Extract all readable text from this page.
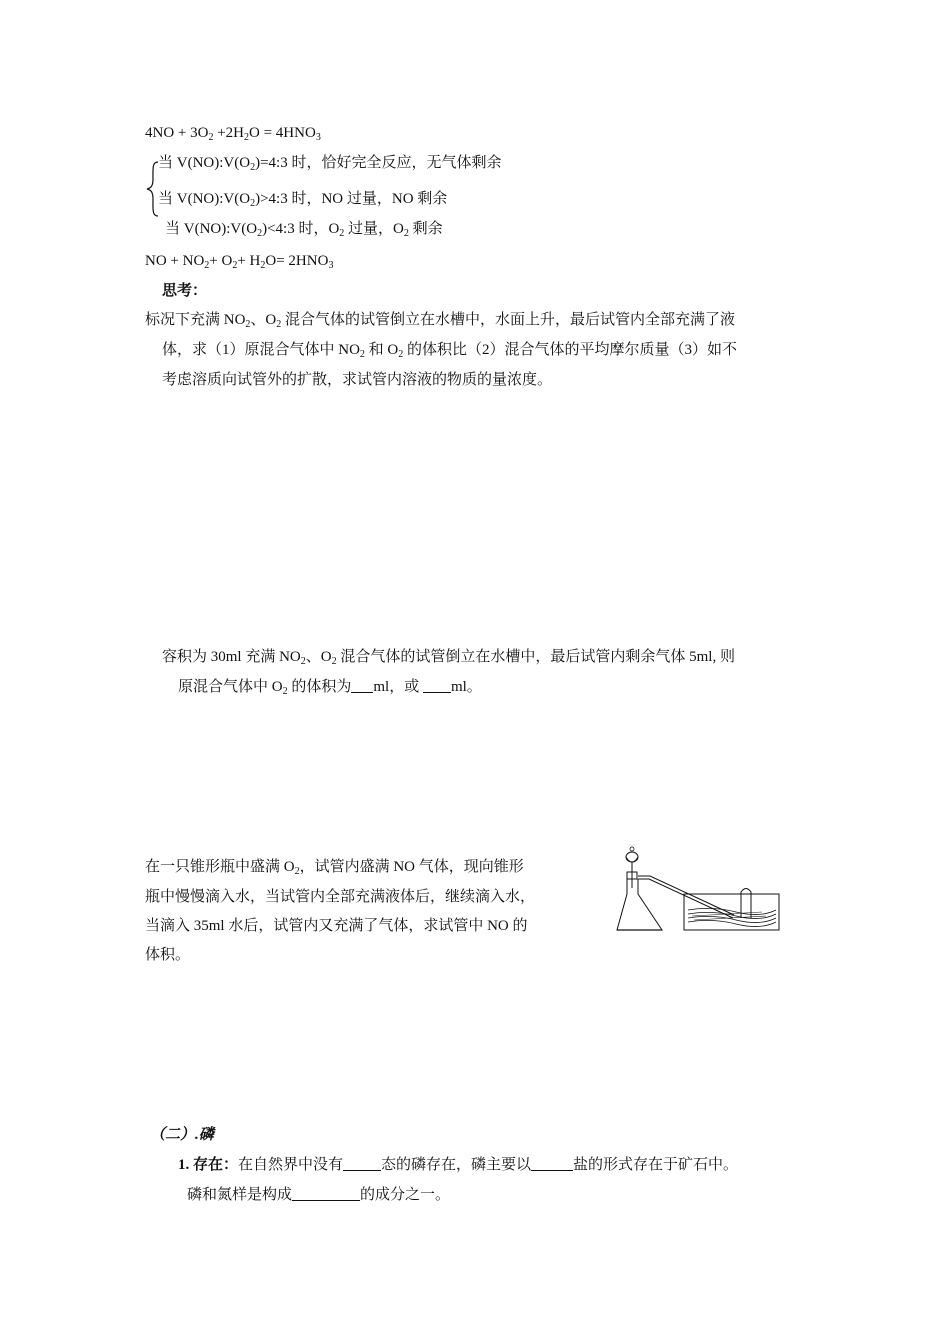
$4NO + 3O_2 +2H_2O = 4HNO_3$
当 $V(NO):V(O_2)=4:3$ 时，恰好完全反应，无气体剩余
当 $V(NO):V(O_2)>4:3$ 时，NO 过量，NO 剩余
当 $V(NO):V(O_2)<4:3$ 时，$O_2$ 过量，$O_2$ 剩余
NO + $NO_2+ O_2+ H_2O= 2HNO_3$
思考：
标况下充满 $NO_2$、$O_2$ 混合气体的试管倒立在水槽中，水面上升，最后试管内全部充满了液
体，求（1）原混合气体中 $NO_2$ 和 $O_2$ 的体积比（2）混合气体的平均摩尔质量（3）如不
考虑溶质向试管外的扩散，求试管内溶液的物质的量浓度。
容积为 30ml 充满 $NO_2$、$O_2$ 混合气体的试管倒立在水槽中，最后试管内剩余气体 5ml, 则
原混合气体中 $O_2$ 的体积为 ml，或 ml。
在一只锥形瓶中盛满 $O_2$，试管内盛满 NO 气体，现向锥形
瓶中慢慢滴入水，当试管内全部充满液体后，继续滴入水，
当滴入 35ml 水后，试管内又充满了气体，求试管中 NO 的
体积。
（二）.磷
1. 存在：在自然界中没有	态的磷存在，磷主要以	盐的形式存在于矿石中。
磷和氮样是构成	的成分之一。
